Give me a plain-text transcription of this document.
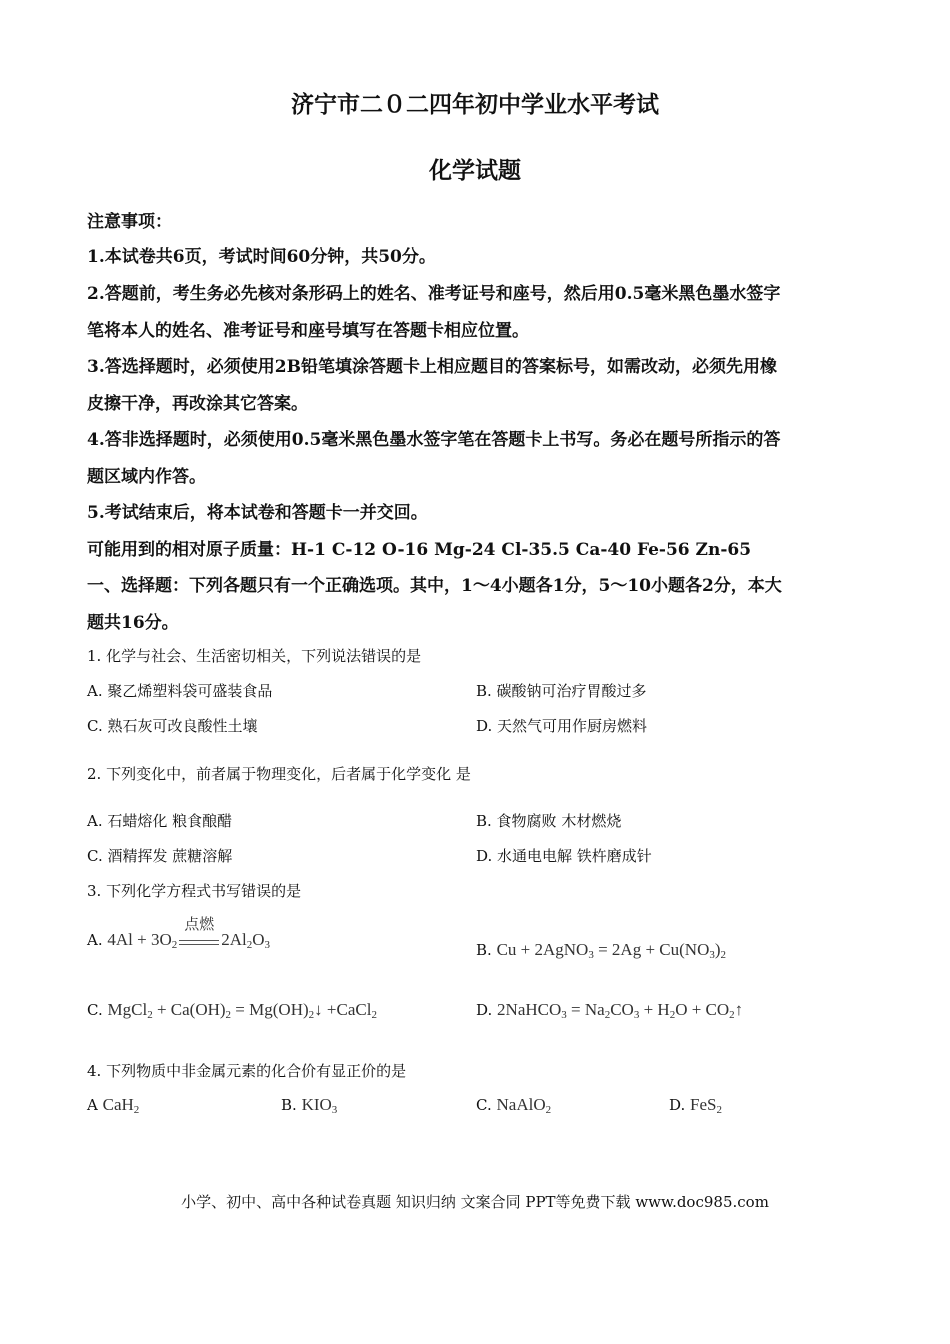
济宁市二０二四年初中学业水平考试
化学试题
注意事项：
1.本试卷共6页，考试时间60分钟，共50分。
2.答题前，考生务必先核对条形码上的姓名、准考证号和座号，然后用0.5毫米黑色墨水签字
笔将本人的姓名、准考证号和座号填写在答题卡相应位置。
3.答选择题时，必须使用2B铅笔填涂答题卡上相应题目的答案标号，如需改动，必须先用橡
皮擦干净，再改涂其它答案。
4.答非选择题时，必须使用0.5毫米黑色墨水签字笔在答题卡上书写。务必在题号所指示的答
题区域内作答。
5.考试结束后，将本试卷和答题卡一并交回。
可能用到的相对原子质量：H-1 C-12 O-16 Mg-24 Cl-35.5 Ca-40 Fe-56 Zn-65
一、选择题：下列各题只有一个正确选项。其中，1～4小题各1分，5～10小题各2分，本大
题共16分。
1. 化学与社会、生活密切相关，下列说法错误的是
A. 聚乙烯塑料袋可盛装食品	B. 碳酸钠可治疗胃酸过多
C. 熟石灰可改良酸性土壤	D. 天然气可用作厨房燃料
2. 下列变化中，前者属于物理变化，后者属于化学变化 是
A. 石蜡熔化 粮食酿醋	B. 食物腐败 木材燃烧
C. 酒精挥发 蔗糖溶解	D. 水通电电解 铁杵磨成针
3. 下列化学方程式书写错误的是
A. $4Al + 3O_2$
点燃
$2Al_2O_3$	B. Cu + 2AgNO$_3$ = $2Ag + Cu(NO_3)_2$
C. MgCl$_2$ + $Ca(OH)_2$ = $Mg(OH)_2↓$ +CaCl$_2$	D. 2NaHCO$_3$ = $Na_2CO_3 + H_2O$ + $CO_2↑$
4. 下列物质中非金属元素的化合价有显正价的是
A CaH$_2$	B. $KIO_3$	C. NaAlO$_2$	D. FeS$_2$
小学、初中、高中各种试卷真题 知识归纳 文案合同 PPT等免费下载 www.doc985.com
